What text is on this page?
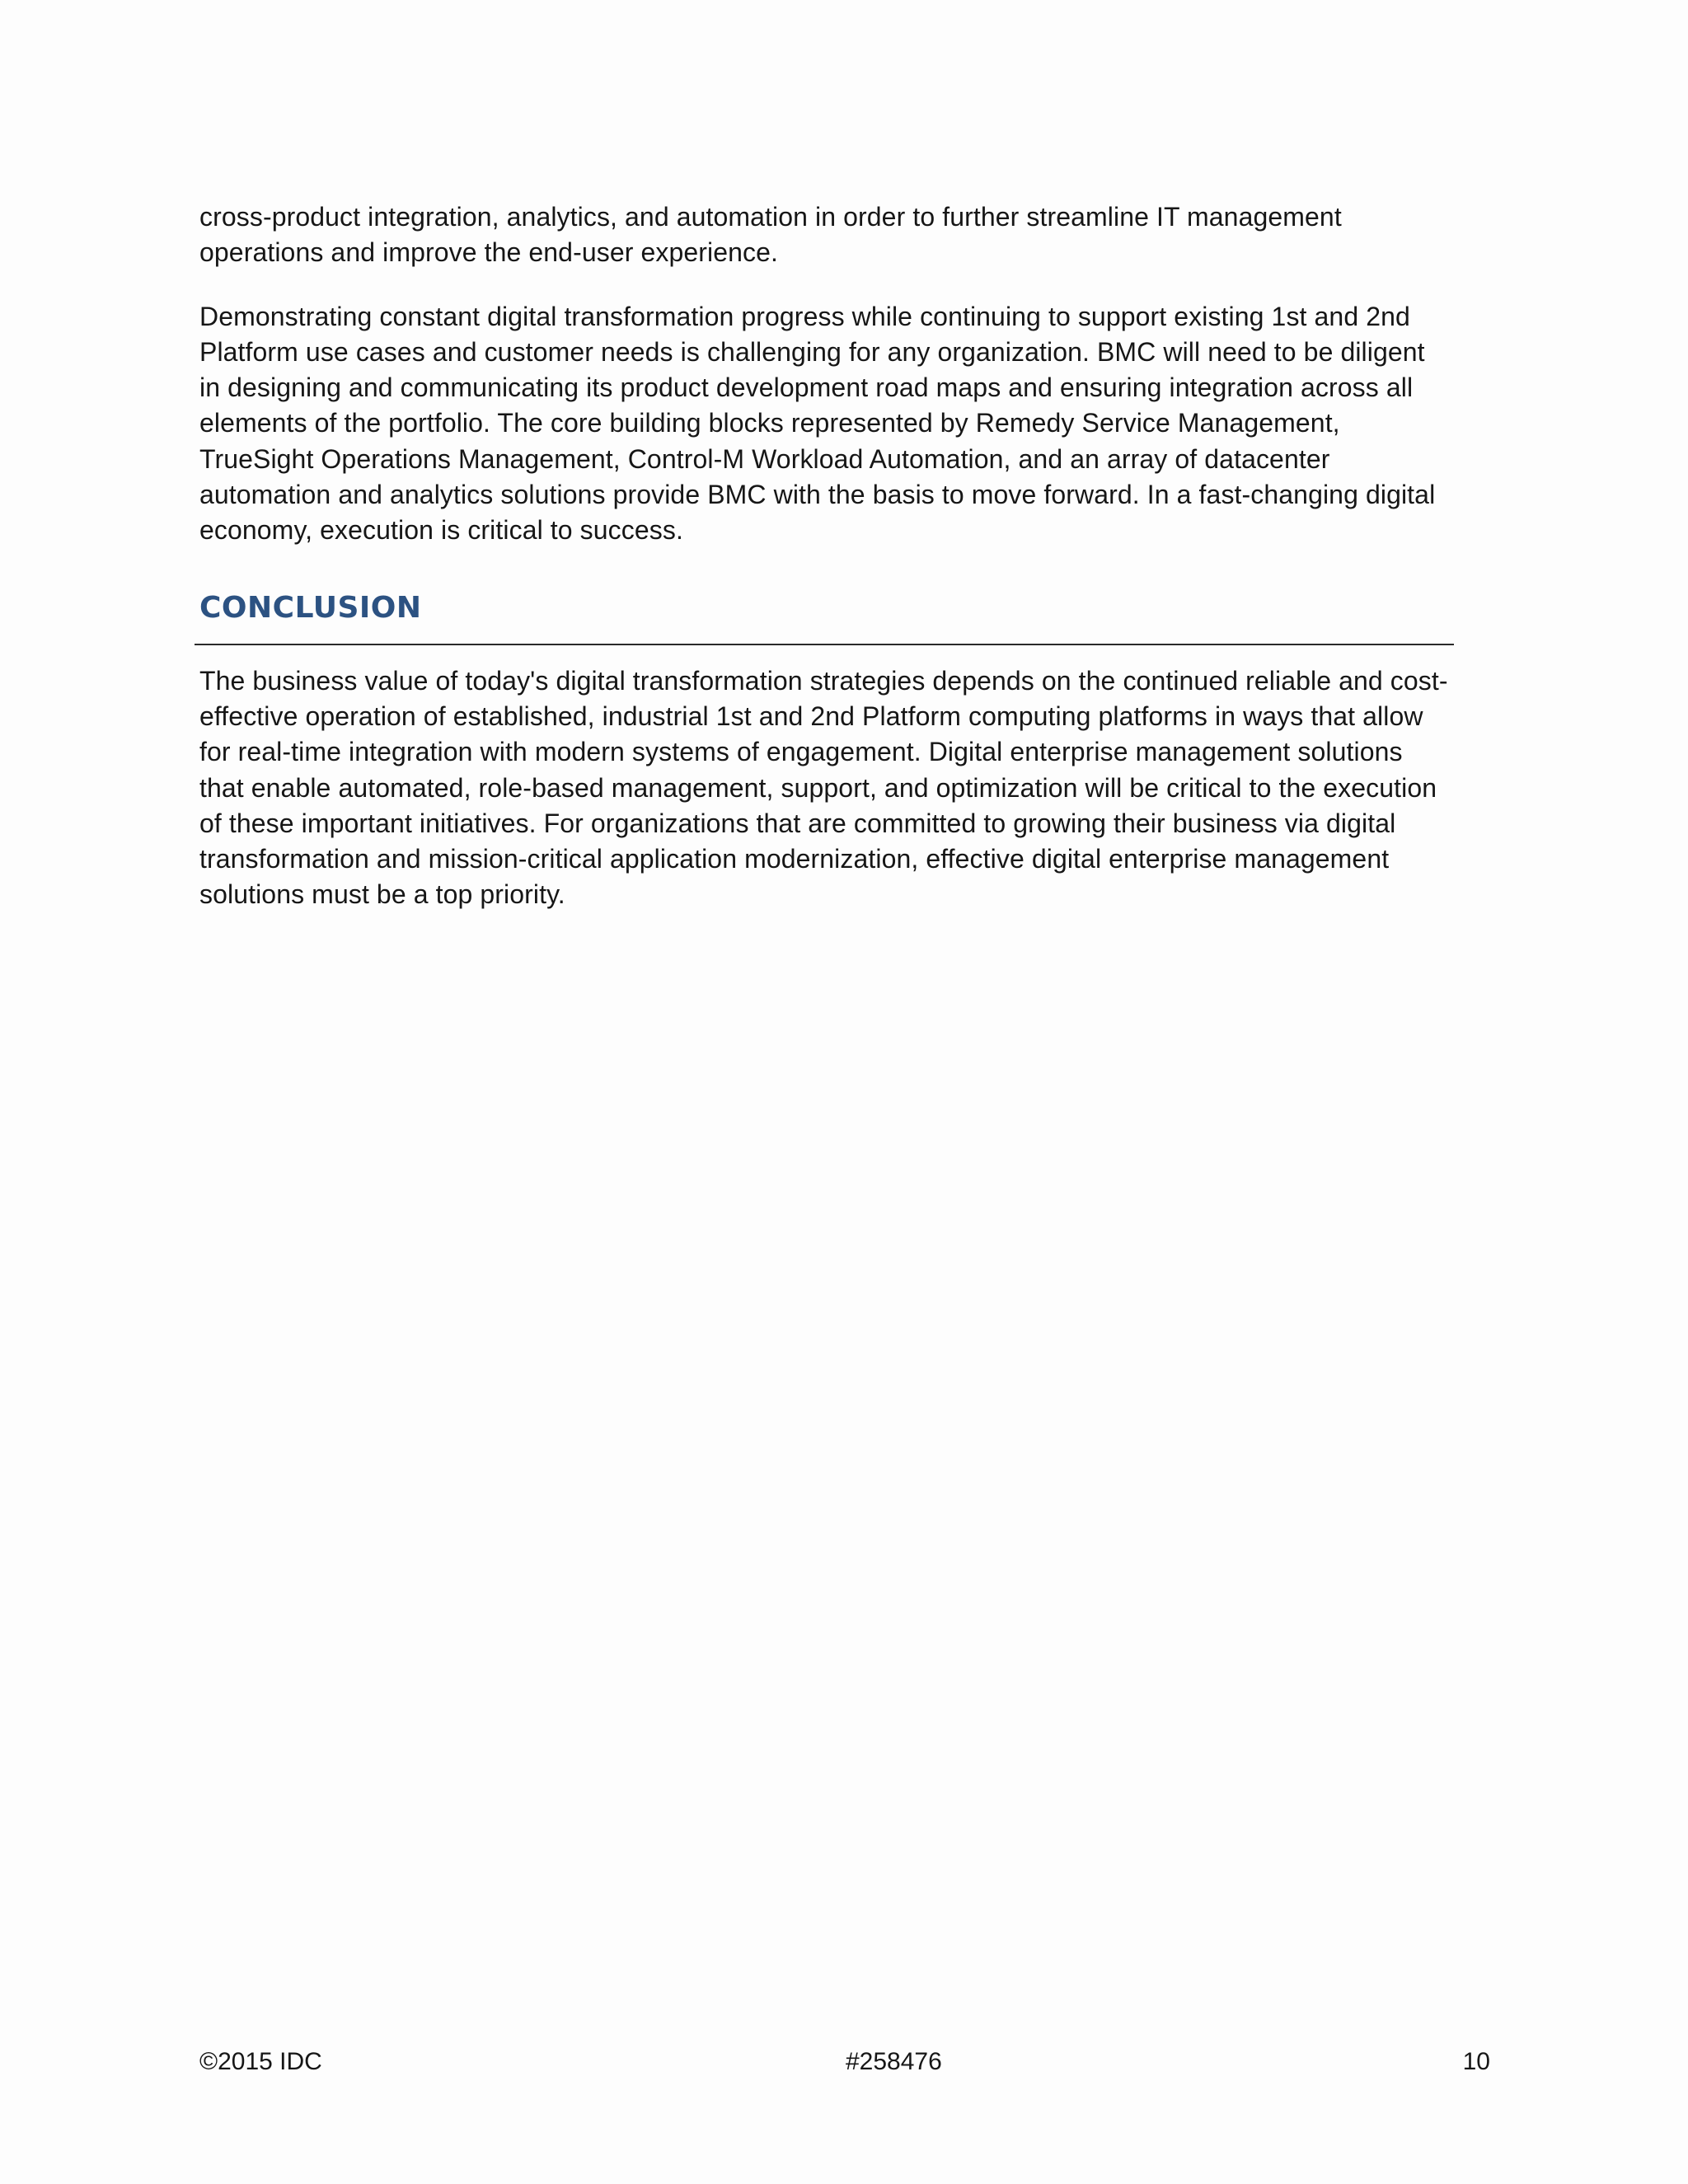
cross-product integration, analytics, and automation in order to further streamline IT management operations and improve the end-user experience.

Demonstrating constant digital transformation progress while continuing to support existing 1st and 2nd Platform use cases and customer needs is challenging for any organization. BMC will need to be diligent in designing and communicating its product development road maps and ensuring integration across all elements of the portfolio. The core building blocks represented by Remedy Service Management, TrueSight Operations Management, Control-M Workload Automation, and an array of datacenter automation and analytics solutions provide BMC with the basis to move forward. In a fast-changing digital economy, execution is critical to success.

CONCLUSION

The business value of today's digital transformation strategies depends on the continued reliable and cost-effective operation of established, industrial 1st and 2nd Platform computing platforms in ways that allow for real-time integration with modern systems of engagement. Digital enterprise management solutions that enable automated, role-based management, support, and optimization will be critical to the execution of these important initiatives. For organizations that are committed to growing their business via digital transformation and mission-critical application modernization, effective digital enterprise management solutions must be a top priority.

©2015 IDC	#258476	10
